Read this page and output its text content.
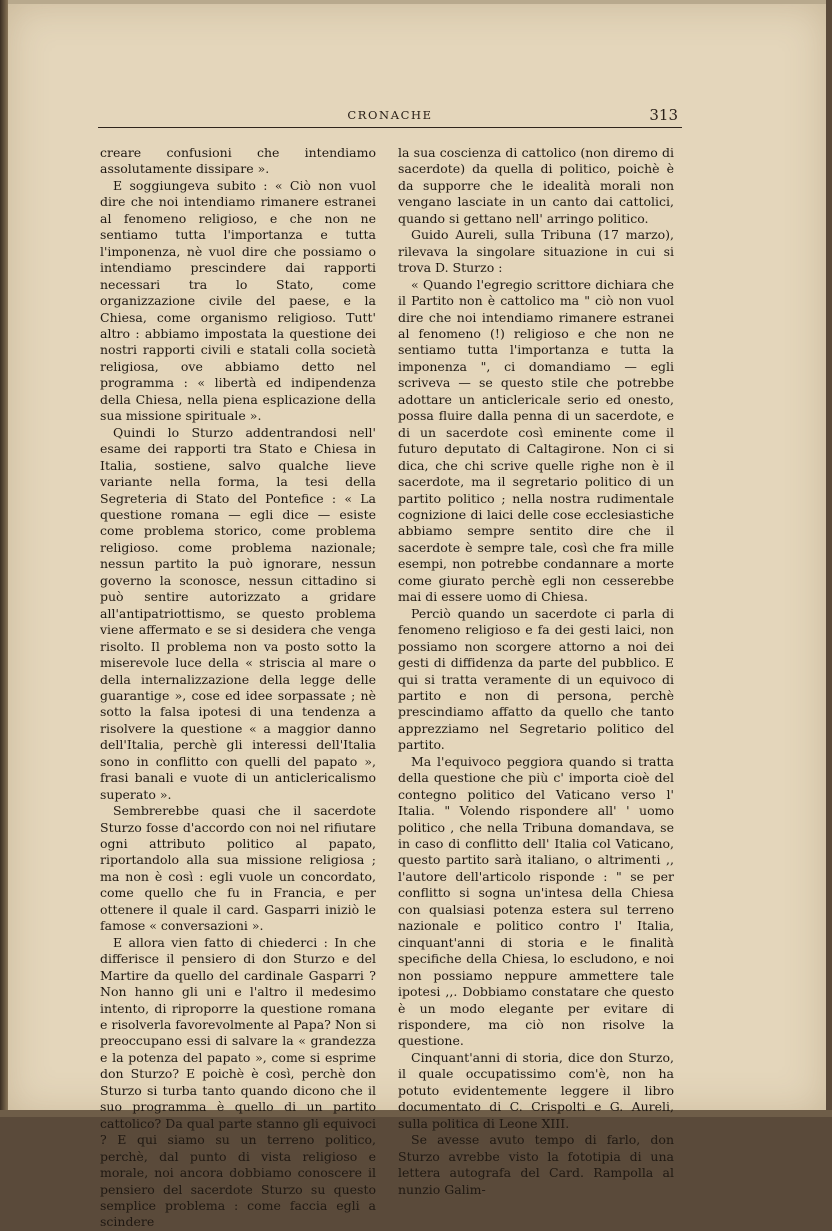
CRONACHE	313

creare confusioni che intendiamo assolutamente dissipare ».

E soggiungeva subito : « Ciò non vuol dire che noi intendiamo rimanere estranei al fenomeno religioso, e che non ne sentiamo tutta l'importanza e tutta l'imponenza, nè vuol dire che possiamo o intendiamo prescindere dai rapporti necessari tra lo Stato, come organizzazione civile del paese, e la Chiesa, come organismo religioso. Tutt' altro : abbiamo impostata la questione dei nostri rapporti civili e statali colla società religiosa, ove abbiamo detto nel programma : « libertà ed indipendenza della Chiesa, nella piena esplicazione della sua missione spirituale ».

Quindi lo Sturzo addentrandosi nell' esame dei rapporti tra Stato e Chiesa in Italia, sostiene, salvo qualche lieve variante nella forma, la tesi della Segreteria di Stato del Pontefice : « La questione romana — egli dice — esiste come problema storico, come problema religioso. come problema nazionale; nessun partito la può ignorare, nessun governo la sconosce, nessun cittadino si può sentire autorizzato a gridare all'antipatriottismo, se questo problema viene affermato e se si desidera che venga risolto. Il problema non va posto sotto la miserevole luce della « striscia al mare o della internalizzazione della legge delle guarantige », cose ed idee sorpassate ; nè sotto la falsa ipotesi di una tendenza a risolvere la questione « a maggior danno dell'Italia, perchè gli interessi dell'Italia sono in conflitto con quelli del papato », frasi banali e vuote di un anticlericalismo superato ».

Sembrerebbe quasi che il sacerdote Sturzo fosse d'accordo con noi nel rifiutare ogni attributo politico al papato, riportandolo alla sua missione religiosa ; ma non è così : egli vuole un concordato, come quello che fu in Francia, e per ottenere il quale il card. Gasparri iniziò le famose « conversazioni ».

E allora vien fatto di chiederci : In che differisce il pensiero di don Sturzo e del Martire da quello del cardinale Gasparri ? Non hanno gli uni e l'altro il medesimo intento, di riproporre la questione romana e risolverla favorevolmente al Papa? Non si preoccupano essi di salvare la « grandezza e la potenza del papato », come si esprime don Sturzo? E poichè è così, perchè don Sturzo si turba tanto quando dicono che il suo programma è quello di un partito cattolico? Da qual parte stanno gli equivoci ? E qui siamo su un terreno politico, perchè, dal punto di vista religioso e morale, noi ancora dobbiamo conoscere il pensiero del sacerdote Sturzo su questo semplice problema : come faccia egli a scindere

la sua coscienza di cattolico (non diremo di sacerdote) da quella di politico, poichè è da supporre che le idealità morali non vengano lasciate in un canto dai cattolici, quando si gettano nell' arringo politico.

Guido Aureli, sulla Tribuna (17 marzo), rilevava la singolare situazione in cui si trova D. Sturzo :

« Quando l'egregio scrittore dichiara che il Partito non è cattolico ma " ciò non vuol dire che noi intendiamo rimanere estranei al fenomeno (!) religioso e che non ne sentiamo tutta l'importanza e tutta la imponenza ", ci domandiamo — egli scriveva — se questo stile che potrebbe adottare un anticlericale serio ed onesto, possa fluire dalla penna di un sacerdote, e di un sacerdote così eminente come il futuro deputato di Caltagirone. Non ci si dica, che chi scrive quelle righe non è il sacerdote, ma il segretario politico di un partito politico ; nella nostra rudimentale cognizione di laici delle cose ecclesiastiche abbiamo sempre sentito dire che il sacerdote è sempre tale, così che fra mille esempi, non potrebbe condannare a morte come giurato perchè egli non cesserebbe mai di essere uomo di Chiesa.

Perciò quando un sacerdote ci parla di fenomeno religioso e fa dei gesti laici, non possiamo non scorgere attorno a noi dei gesti di diffidenza da parte del pubblico. E qui si tratta veramente di un equivoco di partito e non di persona, perchè prescindiamo affatto da quello che tanto apprezziamo nel Segretario politico del partito.

Ma l'equivoco peggiora quando si tratta della questione che più c' importa cioè del contegno politico del Vaticano verso l' Italia. " Volendo rispondere all' ' uomo politico , che nella Tribuna domandava, se in caso di conflitto dell' Italia col Vaticano, questo partito sarà italiano, o altrimenti ,, l'autore dell'articolo risponde : " se per conflitto si sogna un'intesa della Chiesa con qualsiasi potenza estera sul terreno nazionale e politico contro l' Italia, cinquant'anni di storia e le finalità specifiche della Chiesa, lo escludono, e noi non possiamo neppure ammettere tale ipotesi ,,. Dobbiamo constatare che questo è un modo elegante per evitare di rispondere, ma ciò non risolve la questione.

Cinquant'anni di storia, dice don Sturzo, il quale occupatissimo com'è, non ha potuto evidentemente leggere il libro documentato di C. Crispolti e G. Aureli, sulla politica di Leone XIII.

Se avesse avuto tempo di farlo, don Sturzo avrebbe visto la fototipia di una lettera autografa del Card. Rampolla al nunzio Galim-
